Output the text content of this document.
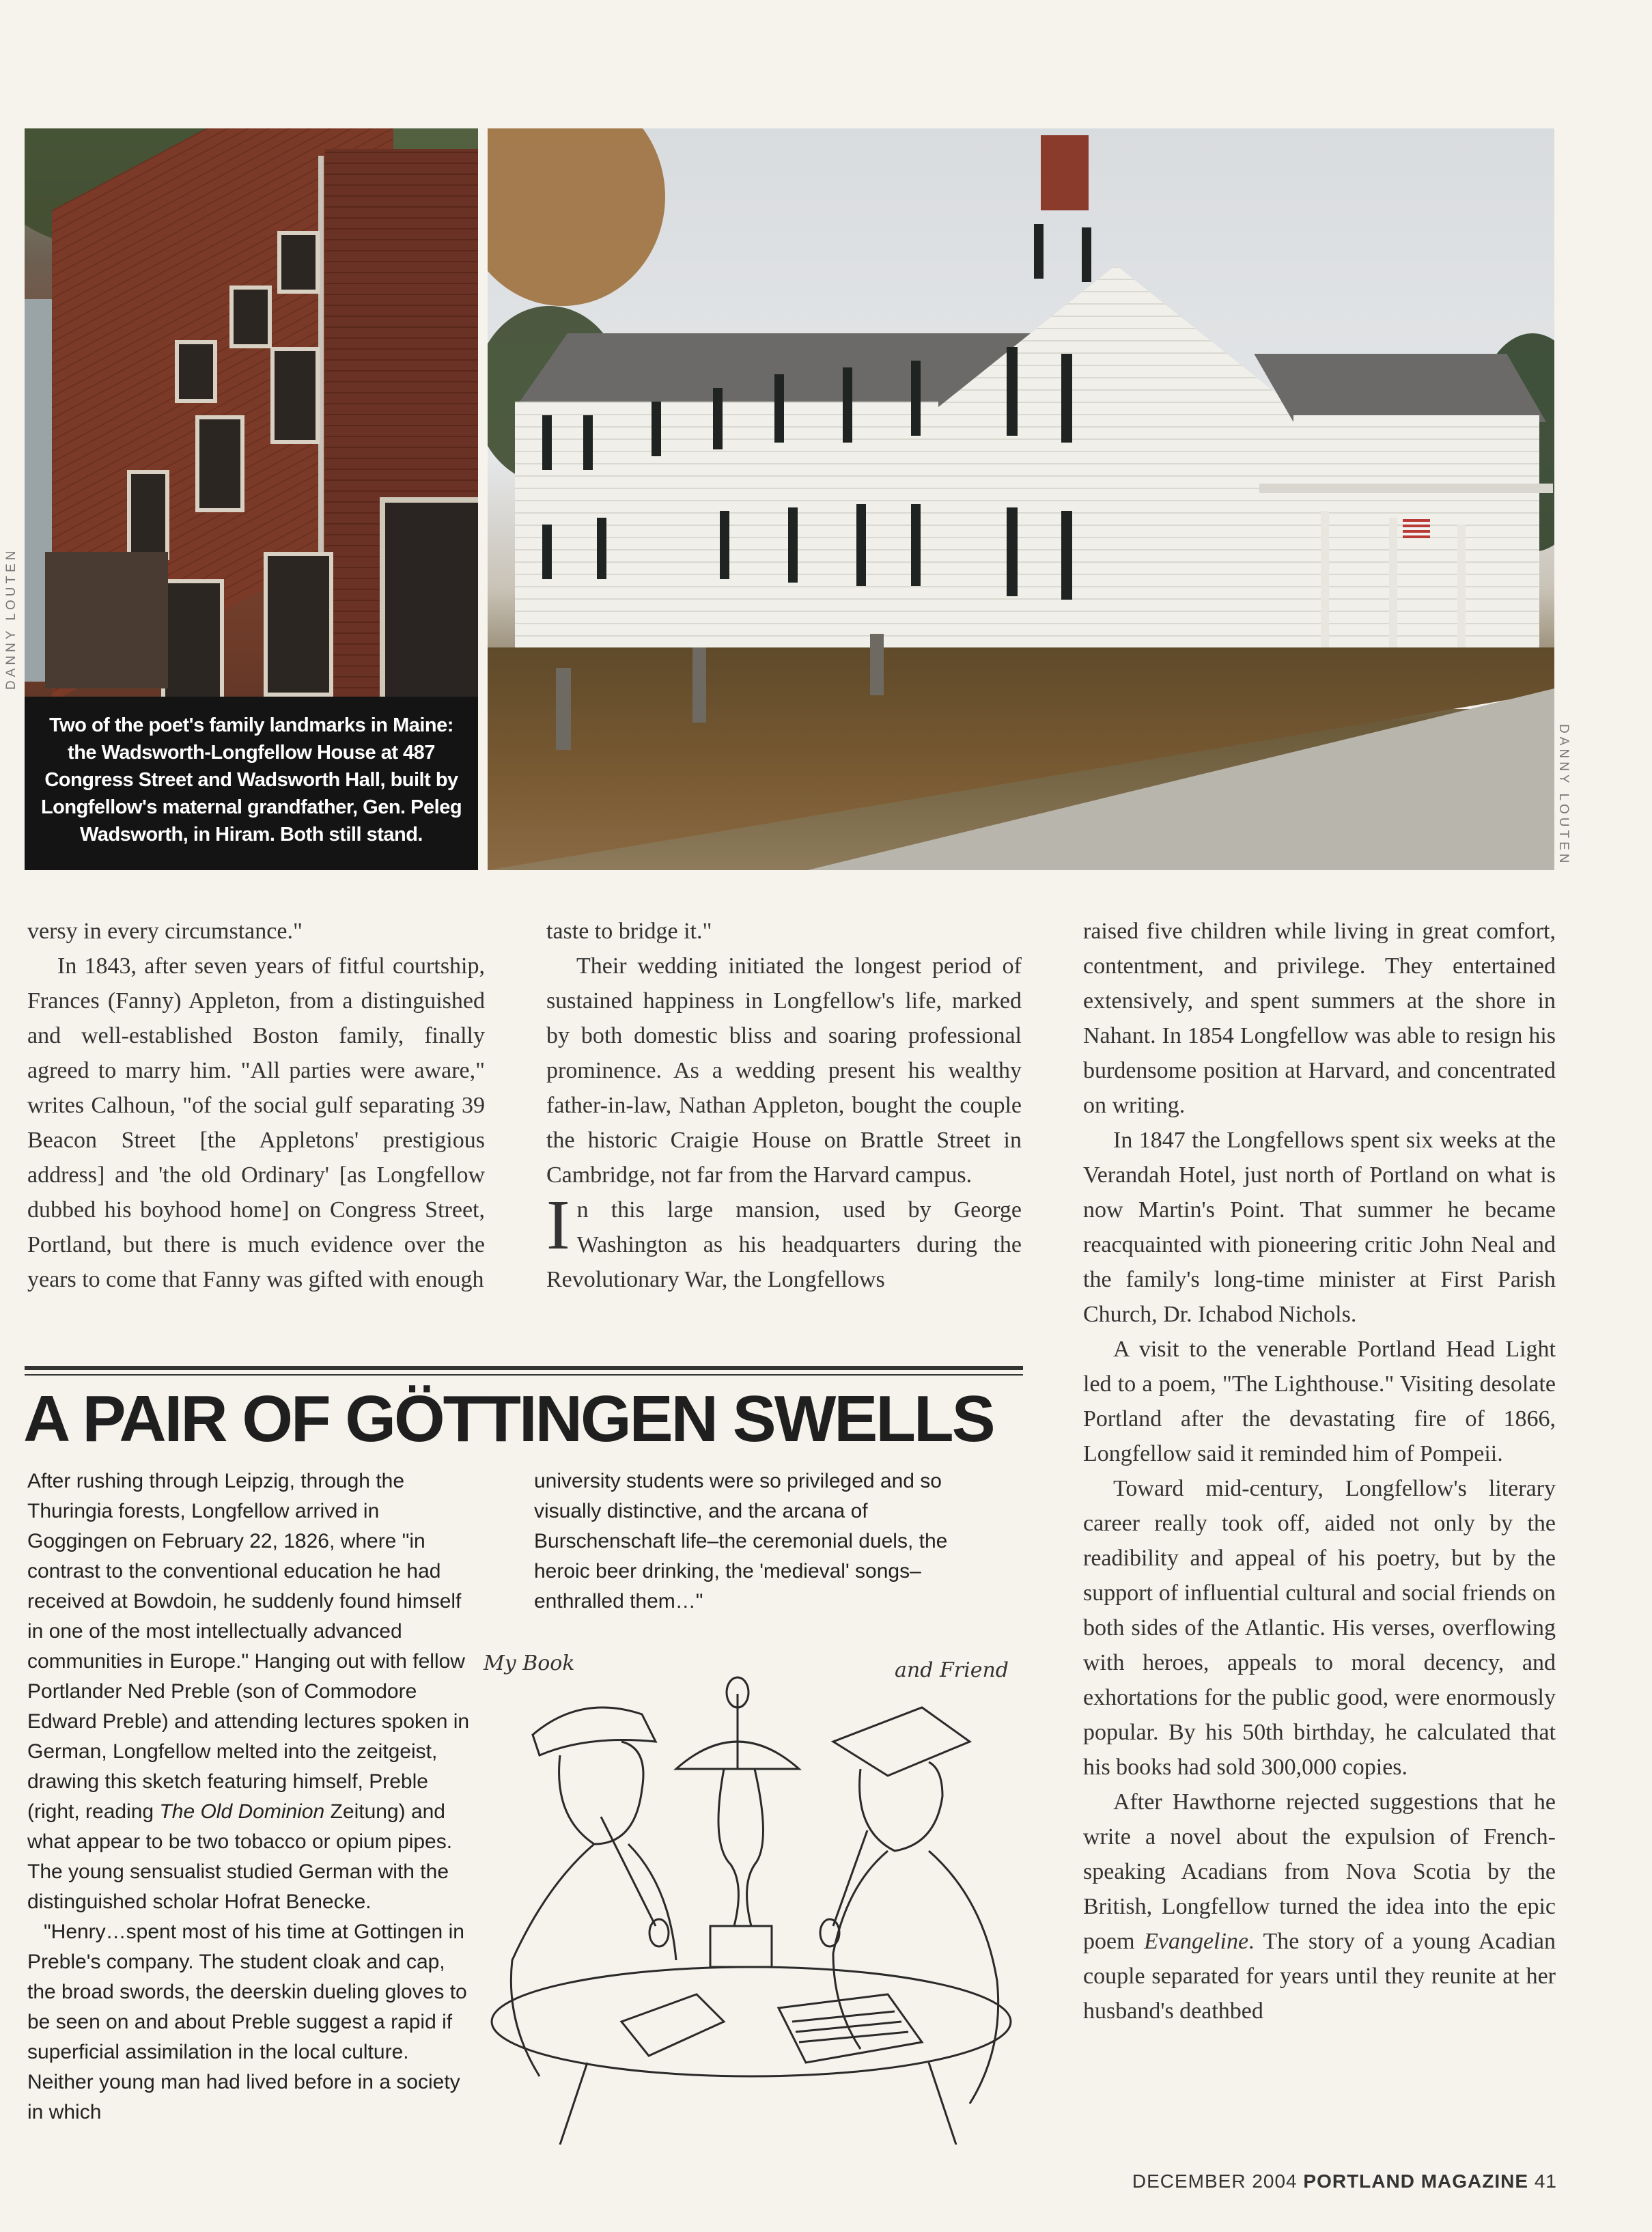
Two of the poet's family landmarks in Maine: the Wadsworth-Longfellow House at 487 Congress Street and Wadsworth Hall, built by Longfellow's maternal grandfather, Gen. Peleg Wadsworth, in Hiram. Both still stand.
DANNY LOUTEN
DANNY LOUTEN

versy in every circumstance."

In 1843, after seven years of fitful courtship, Frances (Fanny) Appleton, from a distinguished and well-established Boston family, finally agreed to marry him. "All parties were aware," writes Calhoun, "of the social gulf separating 39 Beacon Street [the Appletons' prestigious address] and 'the old Ordinary' [as Longfellow dubbed his boyhood home] on Congress Street, Portland, but there is much evidence over the years to come that Fanny was gifted with enough

taste to bridge it."

Their wedding initiated the longest period of sustained happiness in Longfellow's life, marked by both domestic bliss and soaring professional prominence. As a wedding present his wealthy father-in-law, Nathan Appleton, bought the couple the historic Craigie House on Brattle Street in Cambridge, not far from the Harvard campus.

In this large mansion, used by George Washington as his headquarters during the Revolutionary War, the Longfellows

raised five children while living in great comfort, contentment, and privilege. They entertained extensively, and spent summers at the shore in Nahant. In 1854 Longfellow was able to resign his burdensome position at Harvard, and concentrated on writing.

In 1847 the Longfellows spent six weeks at the Verandah Hotel, just north of Portland on what is now Martin's Point. That summer he became reacquainted with pioneering critic John Neal and the family's long-time minister at First Parish Church, Dr. Ichabod Nichols.

A visit to the venerable Portland Head Light led to a poem, "The Lighthouse." Visiting desolate Portland after the devastating fire of 1866, Longfellow said it reminded him of Pompeii.

Toward mid-century, Longfellow's literary career really took off, aided not only by the readibility and appeal of his poetry, but by the support of influential cultural and social friends on both sides of the Atlantic. His verses, overflowing with heroes, appeals to moral decency, and exhortations for the public good, were enormously popular. By his 50th birthday, he calculated that his books had sold 300,000 copies.

After Hawthorne rejected suggestions that he write a novel about the expulsion of French-speaking Acadians from Nova Scotia by the British, Longfellow turned the idea into the epic poem Evangeline. The story of a young Acadian couple separated for years until they reunite at her husband's deathbed

A PAIR OF GÖTTINGEN SWELLS

After rushing through Leipzig, through the Thuringia forests, Longfellow arrived in Goggingen on February 22, 1826, where "in contrast to the conventional education he had received at Bowdoin, he suddenly found himself in one of the most intellectually advanced communities in Europe." Hanging out with fellow Portlander Ned Preble (son of Commodore Edward Preble) and attending lectures spoken in German, Longfellow melted into the zeitgeist, drawing this sketch featuring himself, Preble (right, reading The Old Dominion Zeitung) and what appear to be two tobacco or opium pipes. The young sensualist studied German with the distinguished scholar Hofrat Benecke.

"Henry…spent most of his time at Gottingen in Preble's company. The student cloak and cap, the broad swords, the deerskin dueling gloves to be seen on and about Preble suggest a rapid if superficial assimilation in the local culture. Neither young man had lived before in a society in which

university students were so privileged and so visually distinctive, and the arcana of Burschenschaft life–the ceremonial duels, the heroic beer drinking, the 'medieval' songs–enthralled them…"

My Book	and Friend
DECEMBER 2004 PORTLAND MAGAZINE 41
